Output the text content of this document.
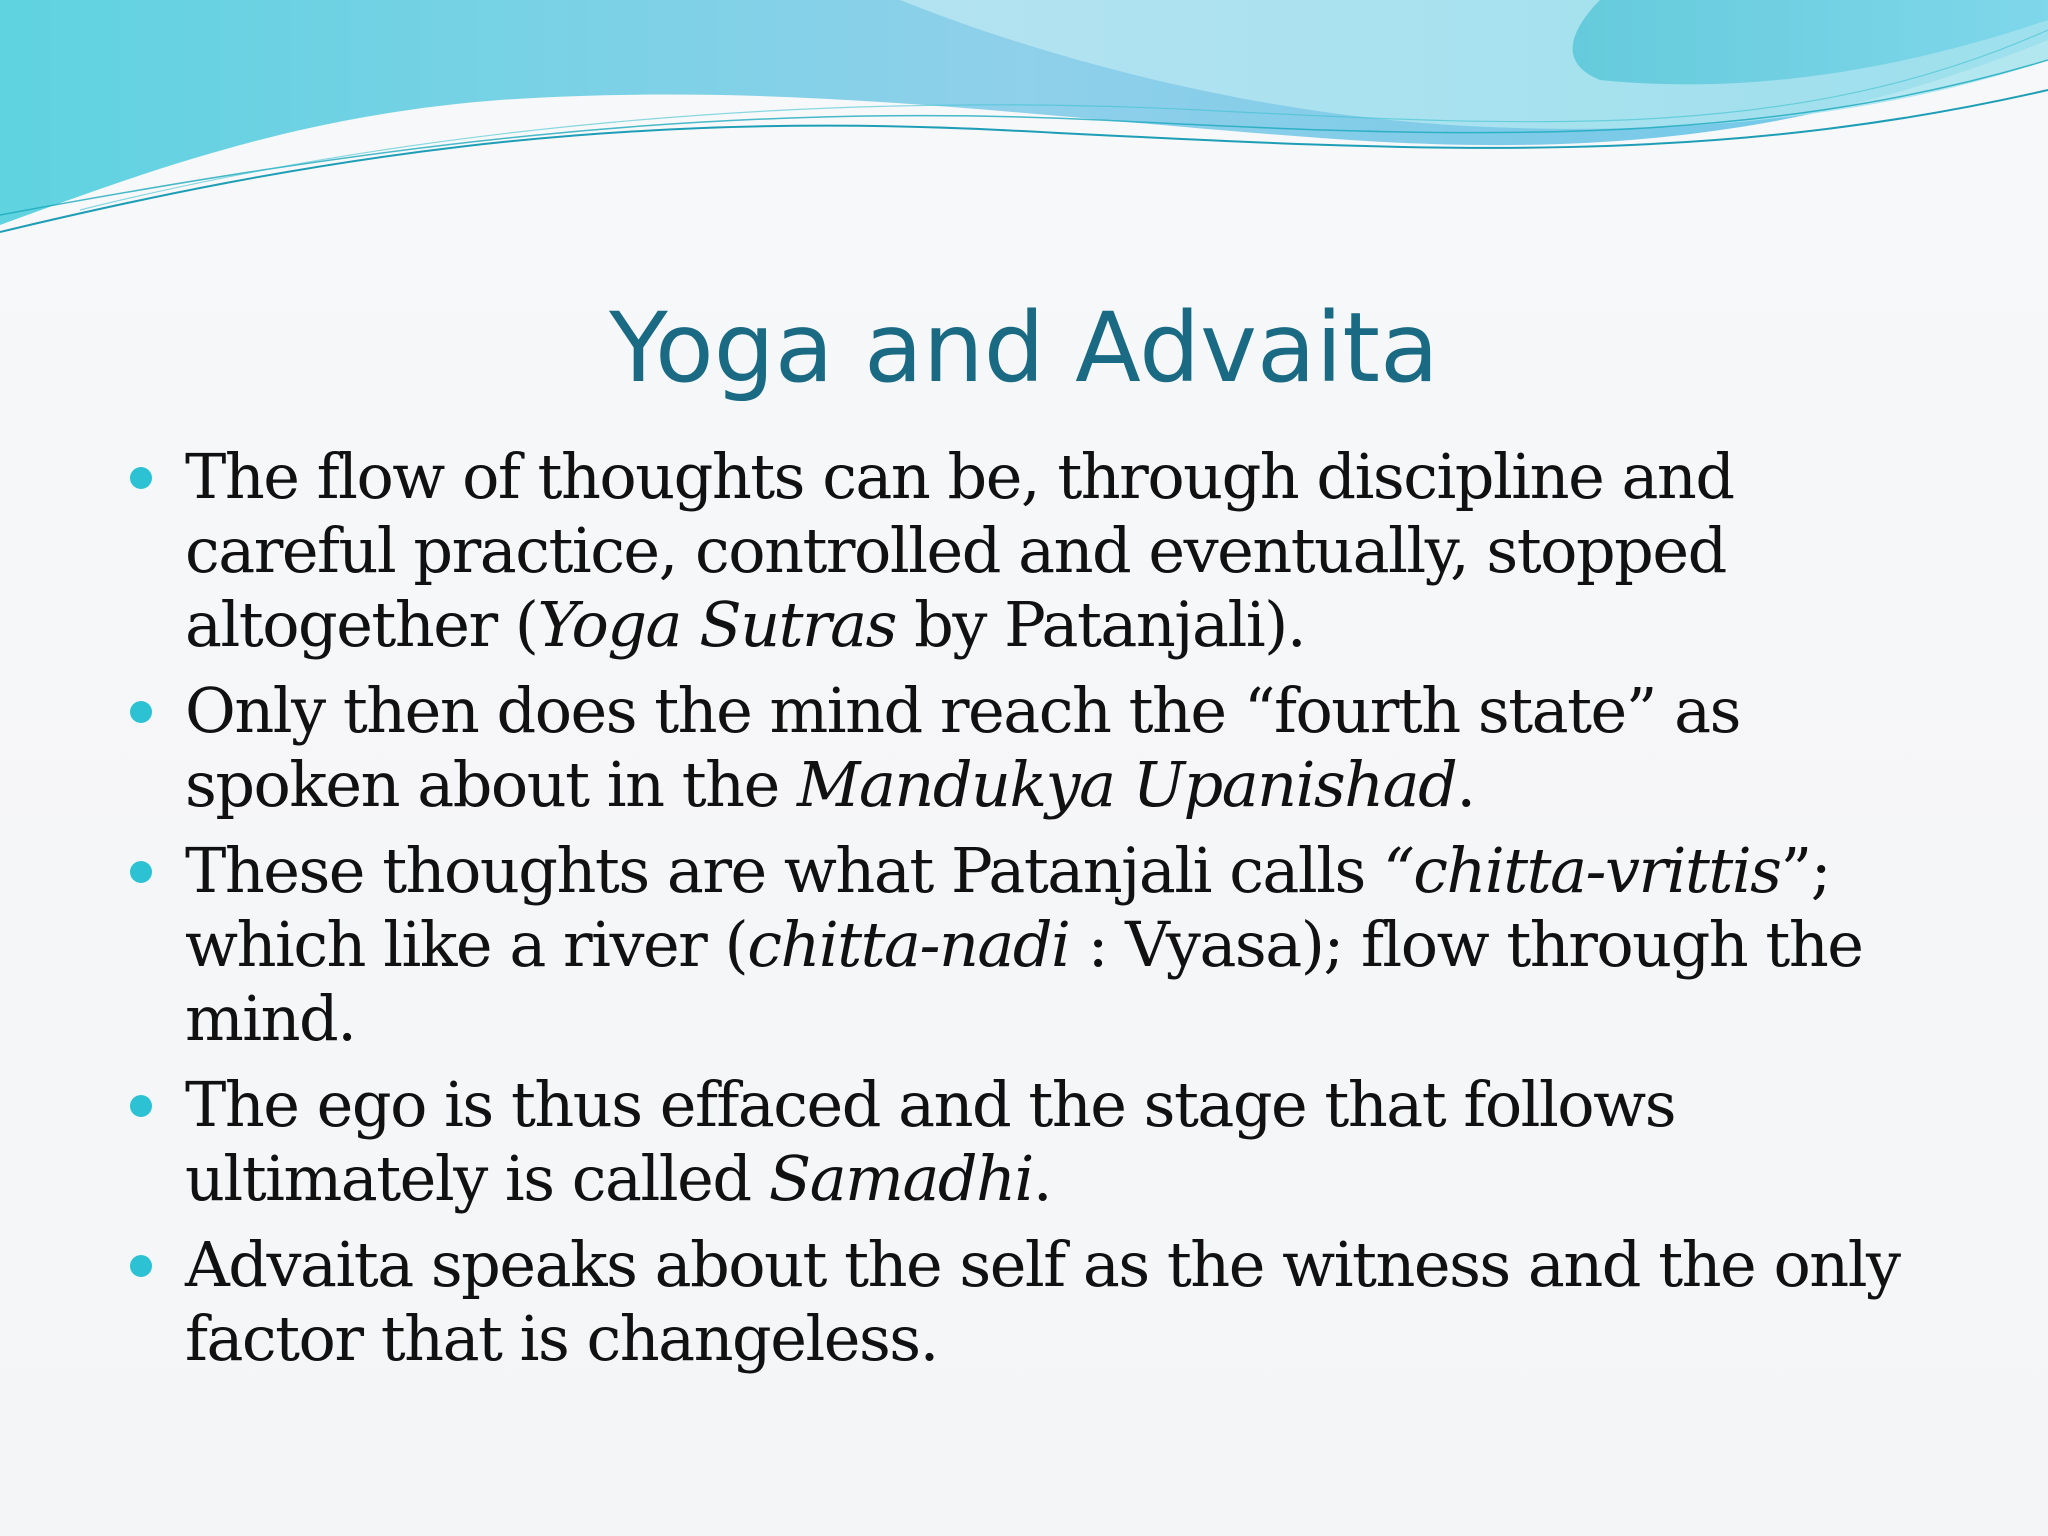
Yoga and Advaita
The flow of thoughts can be, through discipline and careful practice, controlled and eventually, stopped altogether (Yoga Sutras by Patanjali).
Only then does the mind reach the “fourth state” as spoken about in the Mandukya Upanishad.
These thoughts are what Patanjali calls “chitta-vrittis”; which like a river (chitta-nadi : Vyasa); flow through the mind.
The ego is thus effaced and the stage that follows ultimately is called Samadhi.
Advaita speaks about the self as the witness and the only factor that is changeless.
